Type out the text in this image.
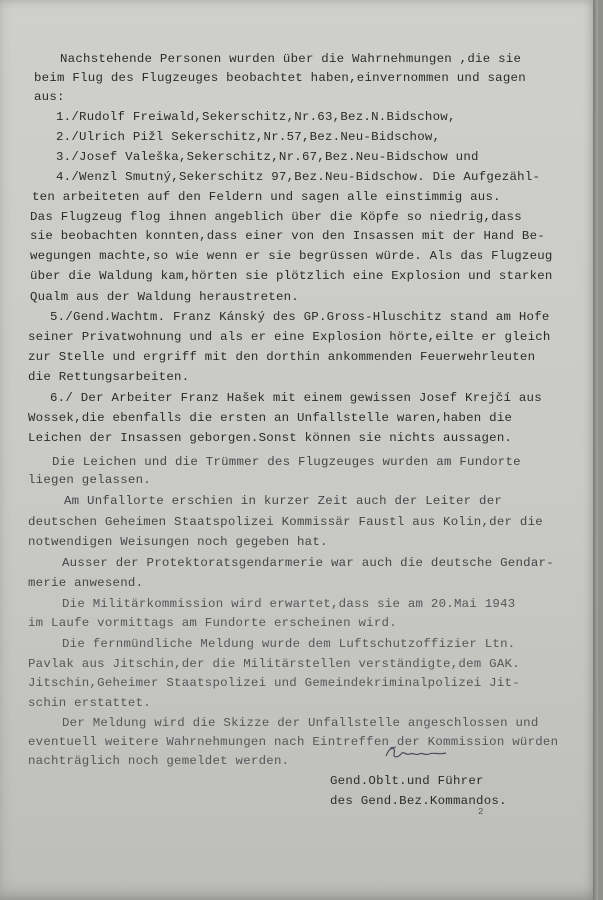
Nachstehende Personen wurden über die Wahrnehmungen ,die sie
beim Flug des Flugzeuges beobachtet haben,einvernommen und sagen
aus:
1./Rudolf Freiwald,Sekerschitz,Nr.63,Bez.N.Bidschow,
2./Ulrich Pižl Sekerschitz,Nr.57,Bez.Neu-Bidschow,
3./Josef Valeška,Sekerschitz,Nr.67,Bez.Neu-Bidschow und
4./Wenzl Smutný,Sekerschitz 97,Bez.Neu-Bidschow. Die Aufgezähl-
ten arbeiteten auf den Feldern und sagen alle einstimmig aus.
Das Flugzeug flog ihnen angeblich über die Köpfe so niedrig,dass
sie beobachten konnten,dass einer von den Insassen mit der Hand Be-
wegungen machte,so wie wenn er sie begrüssen würde. Als das Flugzeug
über die Waldung kam,hörten sie plötzlich eine Explosion und starken
Qualm aus der Waldung heraustreten.
5./Gend.Wachtm. Franz Kánský des GP.Gross-Hluschitz stand am Hofe
seiner Privatwohnung und als er eine Explosion hörte,eilte er gleich
zur Stelle und ergriff mit den dorthin ankommenden Feuerwehrleuten
die Rettungsarbeiten.
6./ Der Arbeiter Franz Hašek mit einem gewissen Josef Krejčí aus
Wossek,die ebenfalls die ersten an Unfallstelle waren,haben die
Leichen der Insassen geborgen.Sonst können sie nichts aussagen.
Die Leichen und die Trümmer des Flugzeuges wurden am Fundorte
liegen gelassen.
Am Unfallorte erschien in kurzer Zeit auch der Leiter der
deutschen Geheimen Staatspolizei Kommissär Faustl aus Kolin,der die
notwendigen Weisungen noch gegeben hat.
Ausser der Protektoratsgendarmerie war auch die deutsche Gendar-
merie anwesend.
Die Militärkommission wird erwartet,dass sie am 20.Mai 1943
im Laufe vormittags am Fundorte erscheinen wird.
Die fernmündliche Meldung wurde dem Luftschutzoffizier Ltn.
Pavlak aus Jitschin,der die Militärstellen verständigte,dem GAK.
Jitschin,Geheimer Staatspolizei und Gemeindekriminalpolizei Jit-
schin erstattet.
Der Meldung wird die Skizze der Unfallstelle angeschlossen und
eventuell weitere Wahrnehmungen nach Eintreffen der Kommission würden
nachträglich noch gemeldet werden.
Gend.Oblt.und Führer
des Gend.Bez.Kommandos.
2
